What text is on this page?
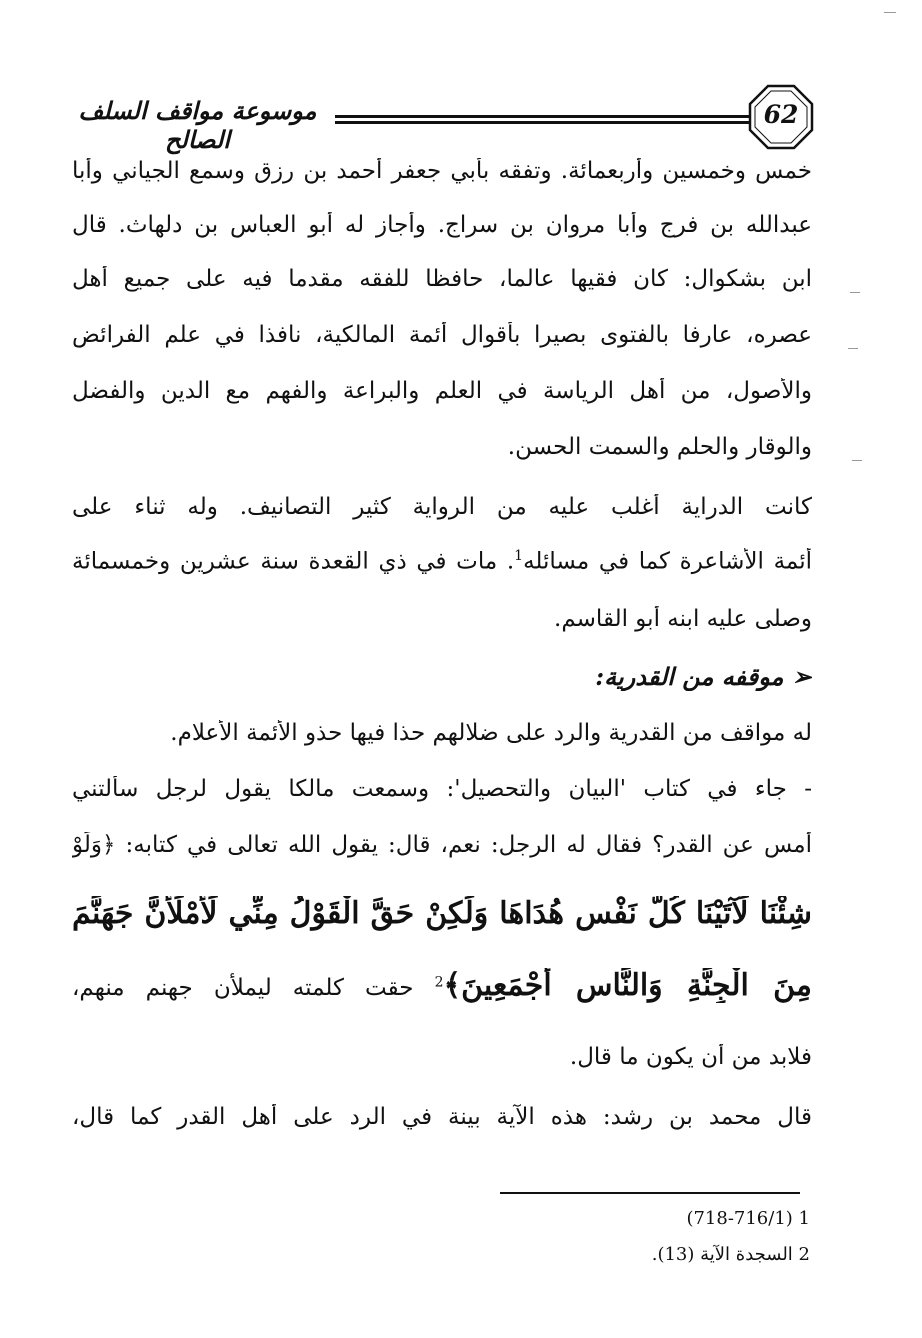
موسوعة مواقف السلف الصالح
62
خمس وخمسين وأربعمائة. وتفقه بأبي جعفر أحمد بن رزق وسمع الجياني وأبا
عبدالله بن فرج وأبا مروان بن سراج. وأجاز له أبو العباس بن دلهاث. قال
ابن بشكوال: كان فقيها عالما، حافظا للفقه مقدما فيه على جميع أهل
عصره، عارفا بالفتوى بصيرا بأقوال أئمة المالكية، نافذا في علم الفرائض
والأصول، من أهل الرياسة في العلم والبراعة والفهم مع الدين والفضل
والوقار والحلم والسمت الحسن.
كانت الدراية أغلب عليه من الرواية كثير التصانيف. وله ثناء على
أئمة الأشاعرة كما في مسائله$^1$. مات في ذي القعدة سنة عشرين وخمسمائة
وصلى عليه ابنه أبو القاسم.
➢ موقفه من القدرية:
له مواقف من القدرية والرد على ضلالهم حذا فيها حذو الأئمة الأعلام.
- جاء في كتاب 'البيان والتحصيل': وسمعت مالكا يقول لرجل سألتني
أمس عن القدر؟ فقال له الرجل: نعم، قال: يقول الله تعالى في كتابه: ﴿وَلَوْ
شِئْنَا لَآتَيْنَا كُلَّ نَفْسٍ هُدَاهَا وَلَكِنْ حَقَّ الْقَوْلُ مِنِّي لَأَمْلَأَنَّ جَهَنَّمَ
مِنَ الْجِنَّةِ وَالنَّاسِ أَجْمَعِينَ﴾$^2$ حقت كلمته ليملأن جهنم منهم،
فلابد من أن يكون ما قال.
قال محمد بن رشد: هذه الآية بينة في الرد على أهل القدر كما قال،
1 (718-716/1)
2 السجدة الآية (13).
